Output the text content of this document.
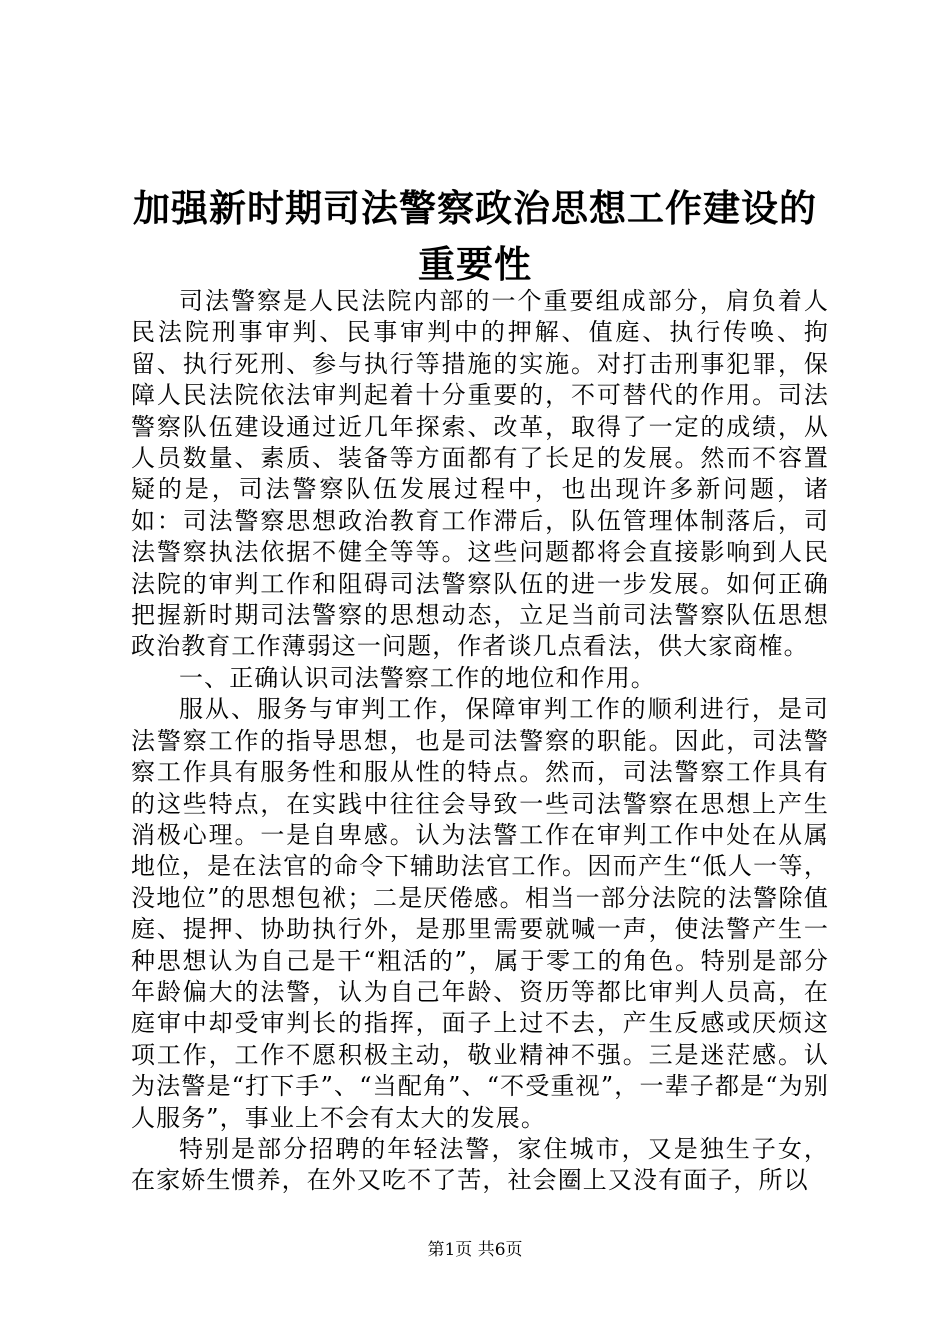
加强新时期司法警察政治思想工作建设的重要性

司法警察是人民法院内部的一个重要组成部分，肩负着人民法院刑事审判、民事审判中的押解、值庭、执行传唤、拘留、执行死刑、参与执行等措施的实施。对打击刑事犯罪，保障人民法院依法审判起着十分重要的，不可替代的作用。司法警察队伍建设通过近几年探索、改革，取得了一定的成绩，从人员数量、素质、装备等方面都有了长足的发展。然而不容置疑的是，司法警察队伍发展过程中，也出现许多新问题，诸如：司法警察思想政治教育工作滞后，队伍管理体制落后，司法警察执法依据不健全等等。这些问题都将会直接影响到人民法院的审判工作和阻碍司法警察队伍的进一步发展。如何正确把握新时期司法警察的思想动态，立足当前司法警察队伍思想政治教育工作薄弱这一问题，作者谈几点看法，供大家商榷。

一、正确认识司法警察工作的地位和作用。

服从、服务与审判工作，保障审判工作的顺利进行，是司法警察工作的指导思想，也是司法警察的职能。因此，司法警察工作具有服务性和服从性的特点。然而，司法警察工作具有的这些特点，在实践中往往会导致一些司法警察在思想上产生消极心理。一是自卑感。认为法警工作在审判工作中处在从属地位，是在法官的命令下辅助法官工作。因而产生“低人一等，没地位”的思想包袱；二是厌倦感。相当一部分法院的法警除值庭、提押、协助执行外，是那里需要就喊一声，使法警产生一种思想认为自己是干“粗活的”，属于零工的角色。特别是部分年龄偏大的法警，认为自己年龄、资历等都比审判人员高，在庭审中却受审判长的指挥，面子上过不去，产生反感或厌烦这项工作，工作不愿积极主动，敬业精神不强。三是迷茫感。认为法警是“打下手”、“当配角”、“不受重视”，一辈子都是“为别人服务”，事业上不会有太大的发展。

特别是部分招聘的年轻法警，家住城市，又是独生子女，在家娇生惯养，在外又吃不了苦，社会圈上又没有面子，所以

第1页 共6页
